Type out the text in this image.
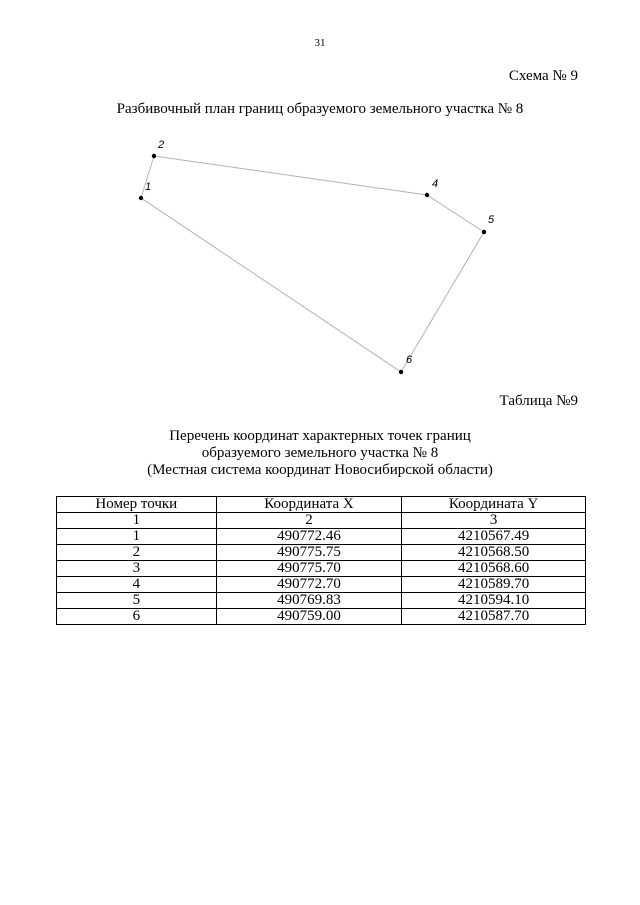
31
Схема № 9
Разбивочный план границ образуемого земельного участка № 8
1
2
4
5
6
Таблица №9
Перечень координат характерных точек границ
образуемого земельного участка № 8
(Местная система координат Новосибирской области)
Номер точки	Координата X	Координата Y
1	2	3
1	490772.46	4210567.49
2	490775.75	4210568.50
3	490775.70	4210568.60
4	490772.70	4210589.70
5	490769.83	4210594.10
6	490759.00	4210587.70
